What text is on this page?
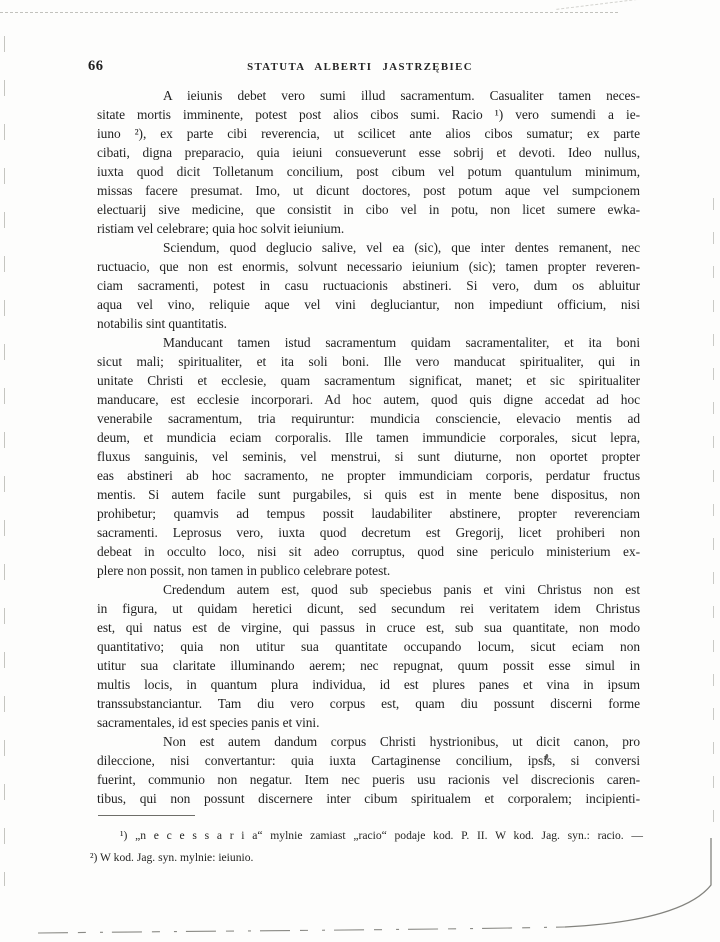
66	STATUTA ALBERTI JASTRZĘBIEC
A ieiunis debet vero sumi illud sacramentum. Casualiter tamen neces-
sitate mortis imminente, potest post alios cibos sumi. Racio ¹) vero sumendi a ie-
iuno ²), ex parte cibi reverencia, ut scilicet ante alios cibos sumatur; ex parte
cibati, digna preparacio, quia ieiuni consueverunt esse sobrij et devoti. Ideo nullus,
iuxta quod dicit Tolletanum concilium, post cibum vel potum quantulum minimum,
missas facere presumat. Imo, ut dicunt doctores, post potum aque vel sumpcionem
electuarij sive medicine, que consistit in cibo vel in potu, non licet sumere ewka-
ristiam vel celebrare; quia hoc solvit ieiunium.
Sciendum, quod deglucio salive, vel ea (sic), que inter dentes remanent, nec
ructuacio, que non est enormis, solvunt necessario ieiunium (sic); tamen propter reveren-
ciam sacramenti, potest in casu ructuacionis abstineri. Si vero, dum os abluitur
aqua vel vino, reliquie aque vel vini degluciantur, non impediunt officium, nisi
notabilis sint quantitatis.
Manducant tamen istud sacramentum quidam sacramentaliter, et ita boni
sicut mali; spiritualiter, et ita soli boni. Ille vero manducat spiritualiter, qui in
unitate Christi et ecclesie, quam sacramentum significat, manet; et sic spiritualiter
manducare, est ecclesie incorporari. Ad hoc autem, quod quis digne accedat ad hoc
venerabile sacramentum, tria requiruntur: mundicia consciencie, elevacio mentis ad
deum, et mundicia eciam corporalis. Ille tamen immundicie corporales, sicut lepra,
fluxus sanguinis, vel seminis, vel menstrui, si sunt diuturne, non oportet propter
eas abstineri ab hoc sacramento, ne propter immundiciam corporis, perdatur fructus
mentis. Si autem facile sunt purgabiles, si quis est in mente bene dispositus, non
prohibetur; quamvis ad tempus possit laudabiliter abstinere, propter reverenciam
sacramenti. Leprosus vero, iuxta quod decretum est Gregorij, licet prohiberi non
debeat in occulto loco, nisi sit adeo corruptus, quod sine periculo ministerium ex-
plere non possit, non tamen in publico celebrare potest.
Credendum autem est, quod sub speciebus panis et vini Christus non est
in figura, ut quidam heretici dicunt, sed secundum rei veritatem idem Christus
est, qui natus est de virgine, qui passus in cruce est, sub sua quantitate, non modo
quantitativo; quia non utitur sua quantitate occupando locum, sicut eciam non
utitur sua claritate illuminando aerem; nec repugnat, quum possit esse simul in
multis locis, in quantum plura individua, id est plures panes et vina in ipsum
transsubstanciantur. Tam diu vero corpus est, quam diu possunt discerni forme
sacramentales, id est species panis et vini.
Non est autem dandum corpus Christi hystrionibus, ut dicit canon, pro
dileccione, nisi convertantur: quia iuxta Cartaginense concilium, ipsis, si conversi
fuerint, communio non negatur. Item nec pueris usu racionis vel discrecionis caren-
tibus, qui non possunt discernere inter cibum spiritualem et corporalem; incipienti-
¹) „n e c e s s a r i a“ mylnie zamiast „racio“ podaje kod. P. II. W kod. Jag. syn.: racio. —
²) W kod. Jag. syn. mylnie: ieiunio.
